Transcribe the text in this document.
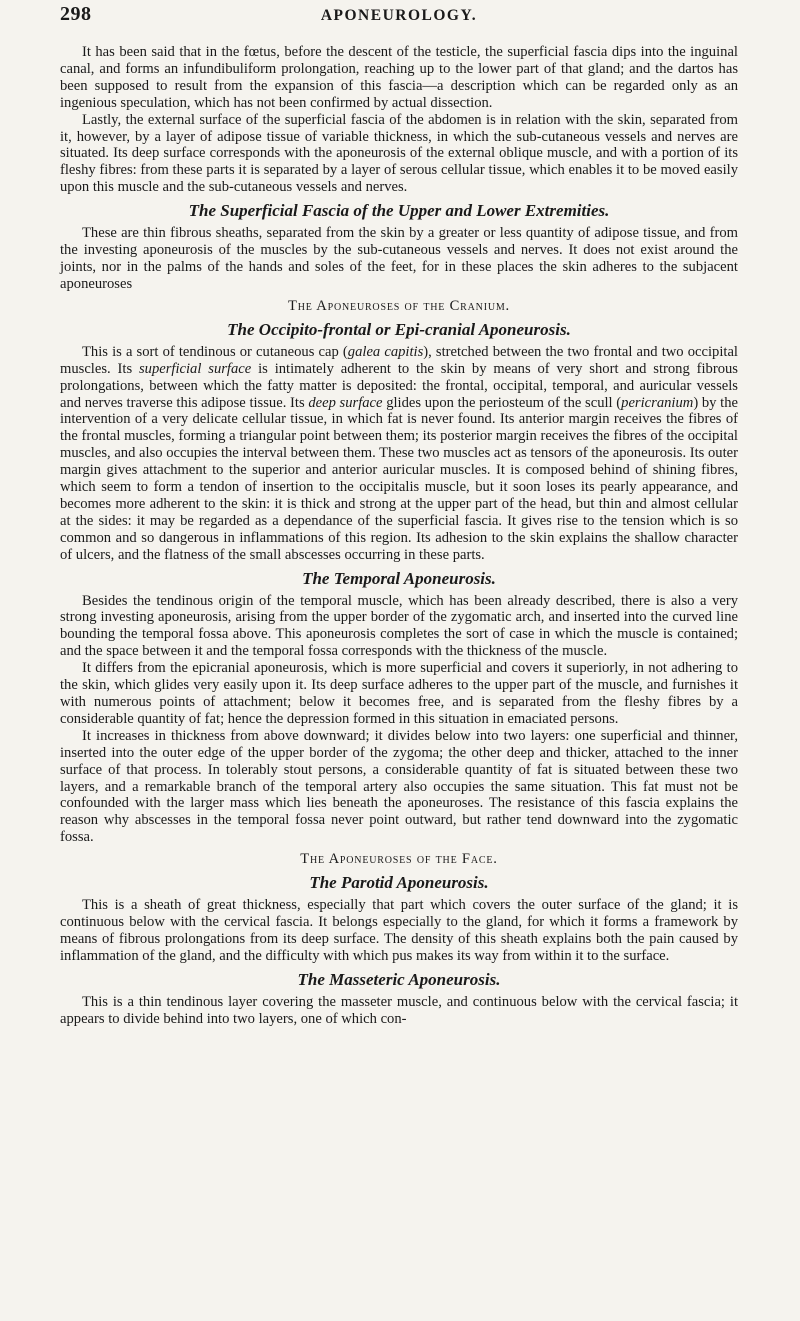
298	APONEUROLOGY.

It has been said that in the fœtus, before the descent of the testicle, the superficial fascia dips into the inguinal canal, and forms an infundibuliform prolongation, reaching up to the lower part of that gland; and the dartos has been supposed to result from the expansion of this fascia—a description which can be regarded only as an ingenious speculation, which has not been confirmed by actual dissection.

Lastly, the external surface of the superficial fascia of the abdomen is in relation with the skin, separated from it, however, by a layer of adipose tissue of variable thickness, in which the sub-cutaneous vessels and nerves are situated. Its deep surface corresponds with the aponeurosis of the external oblique muscle, and with a portion of its fleshy fibres: from these parts it is separated by a layer of serous cellular tissue, which enables it to be moved easily upon this muscle and the sub-cutaneous vessels and nerves.

The Superficial Fascia of the Upper and Lower Extremities.

These are thin fibrous sheaths, separated from the skin by a greater or less quantity of adipose tissue, and from the investing aponeurosis of the muscles by the sub-cutaneous vessels and nerves. It does not exist around the joints, nor in the palms of the hands and soles of the feet, for in these places the skin adheres to the subjacent aponeuroses

The Aponeuroses of the Cranium.
The Occipito-frontal or Epi-cranial Aponeurosis.

This is a sort of tendinous or cutaneous cap (galea capitis), stretched between the two frontal and two occipital muscles. Its superficial surface is intimately adherent to the skin by means of very short and strong fibrous prolongations, between which the fatty matter is deposited: the frontal, occipital, temporal, and auricular vessels and nerves traverse this adipose tissue. Its deep surface glides upon the periosteum of the scull (pericranium) by the intervention of a very delicate cellular tissue, in which fat is never found. Its anterior margin receives the fibres of the frontal muscles, forming a triangular point between them; its posterior margin receives the fibres of the occipital muscles, and also occupies the interval between them. These two muscles act as tensors of the aponeurosis. Its outer margin gives attachment to the superior and anterior auricular muscles. It is composed behind of shining fibres, which seem to form a tendon of insertion to the occipitalis muscle, but it soon loses its pearly appearance, and becomes more adherent to the skin: it is thick and strong at the upper part of the head, but thin and almost cellular at the sides: it may be regarded as a dependance of the superficial fascia. It gives rise to the tension which is so common and so dangerous in inflammations of this region. Its adhesion to the skin explains the shallow character of ulcers, and the flatness of the small abscesses occurring in these parts.

The Temporal Aponeurosis.

Besides the tendinous origin of the temporal muscle, which has been already described, there is also a very strong investing aponeurosis, arising from the upper border of the zygomatic arch, and inserted into the curved line bounding the temporal fossa above. This aponeurosis completes the sort of case in which the muscle is contained; and the space between it and the temporal fossa corresponds with the thickness of the muscle.

It differs from the epicranial aponeurosis, which is more superficial and covers it superiorly, in not adhering to the skin, which glides very easily upon it. Its deep surface adheres to the upper part of the muscle, and furnishes it with numerous points of attachment; below it becomes free, and is separated from the fleshy fibres by a considerable quantity of fat; hence the depression formed in this situation in emaciated persons.

It increases in thickness from above downward; it divides below into two layers: one superficial and thinner, inserted into the outer edge of the upper border of the zygoma; the other deep and thicker, attached to the inner surface of that process. In tolerably stout persons, a considerable quantity of fat is situated between these two layers, and a remarkable branch of the temporal artery also occupies the same situation. This fat must not be confounded with the larger mass which lies beneath the aponeuroses. The resistance of this fascia explains the reason why abscesses in the temporal fossa never point outward, but rather tend downward into the zygomatic fossa.

The Aponeuroses of the Face.
The Parotid Aponeurosis.

This is a sheath of great thickness, especially that part which covers the outer surface of the gland; it is continuous below with the cervical fascia. It belongs especially to the gland, for which it forms a framework by means of fibrous prolongations from its deep surface. The density of this sheath explains both the pain caused by inflammation of the gland, and the difficulty with which pus makes its way from within it to the surface.

The Masseteric Aponeurosis.

This is a thin tendinous layer covering the masseter muscle, and continuous below with the cervical fascia; it appears to divide behind into two layers, one of which con-
